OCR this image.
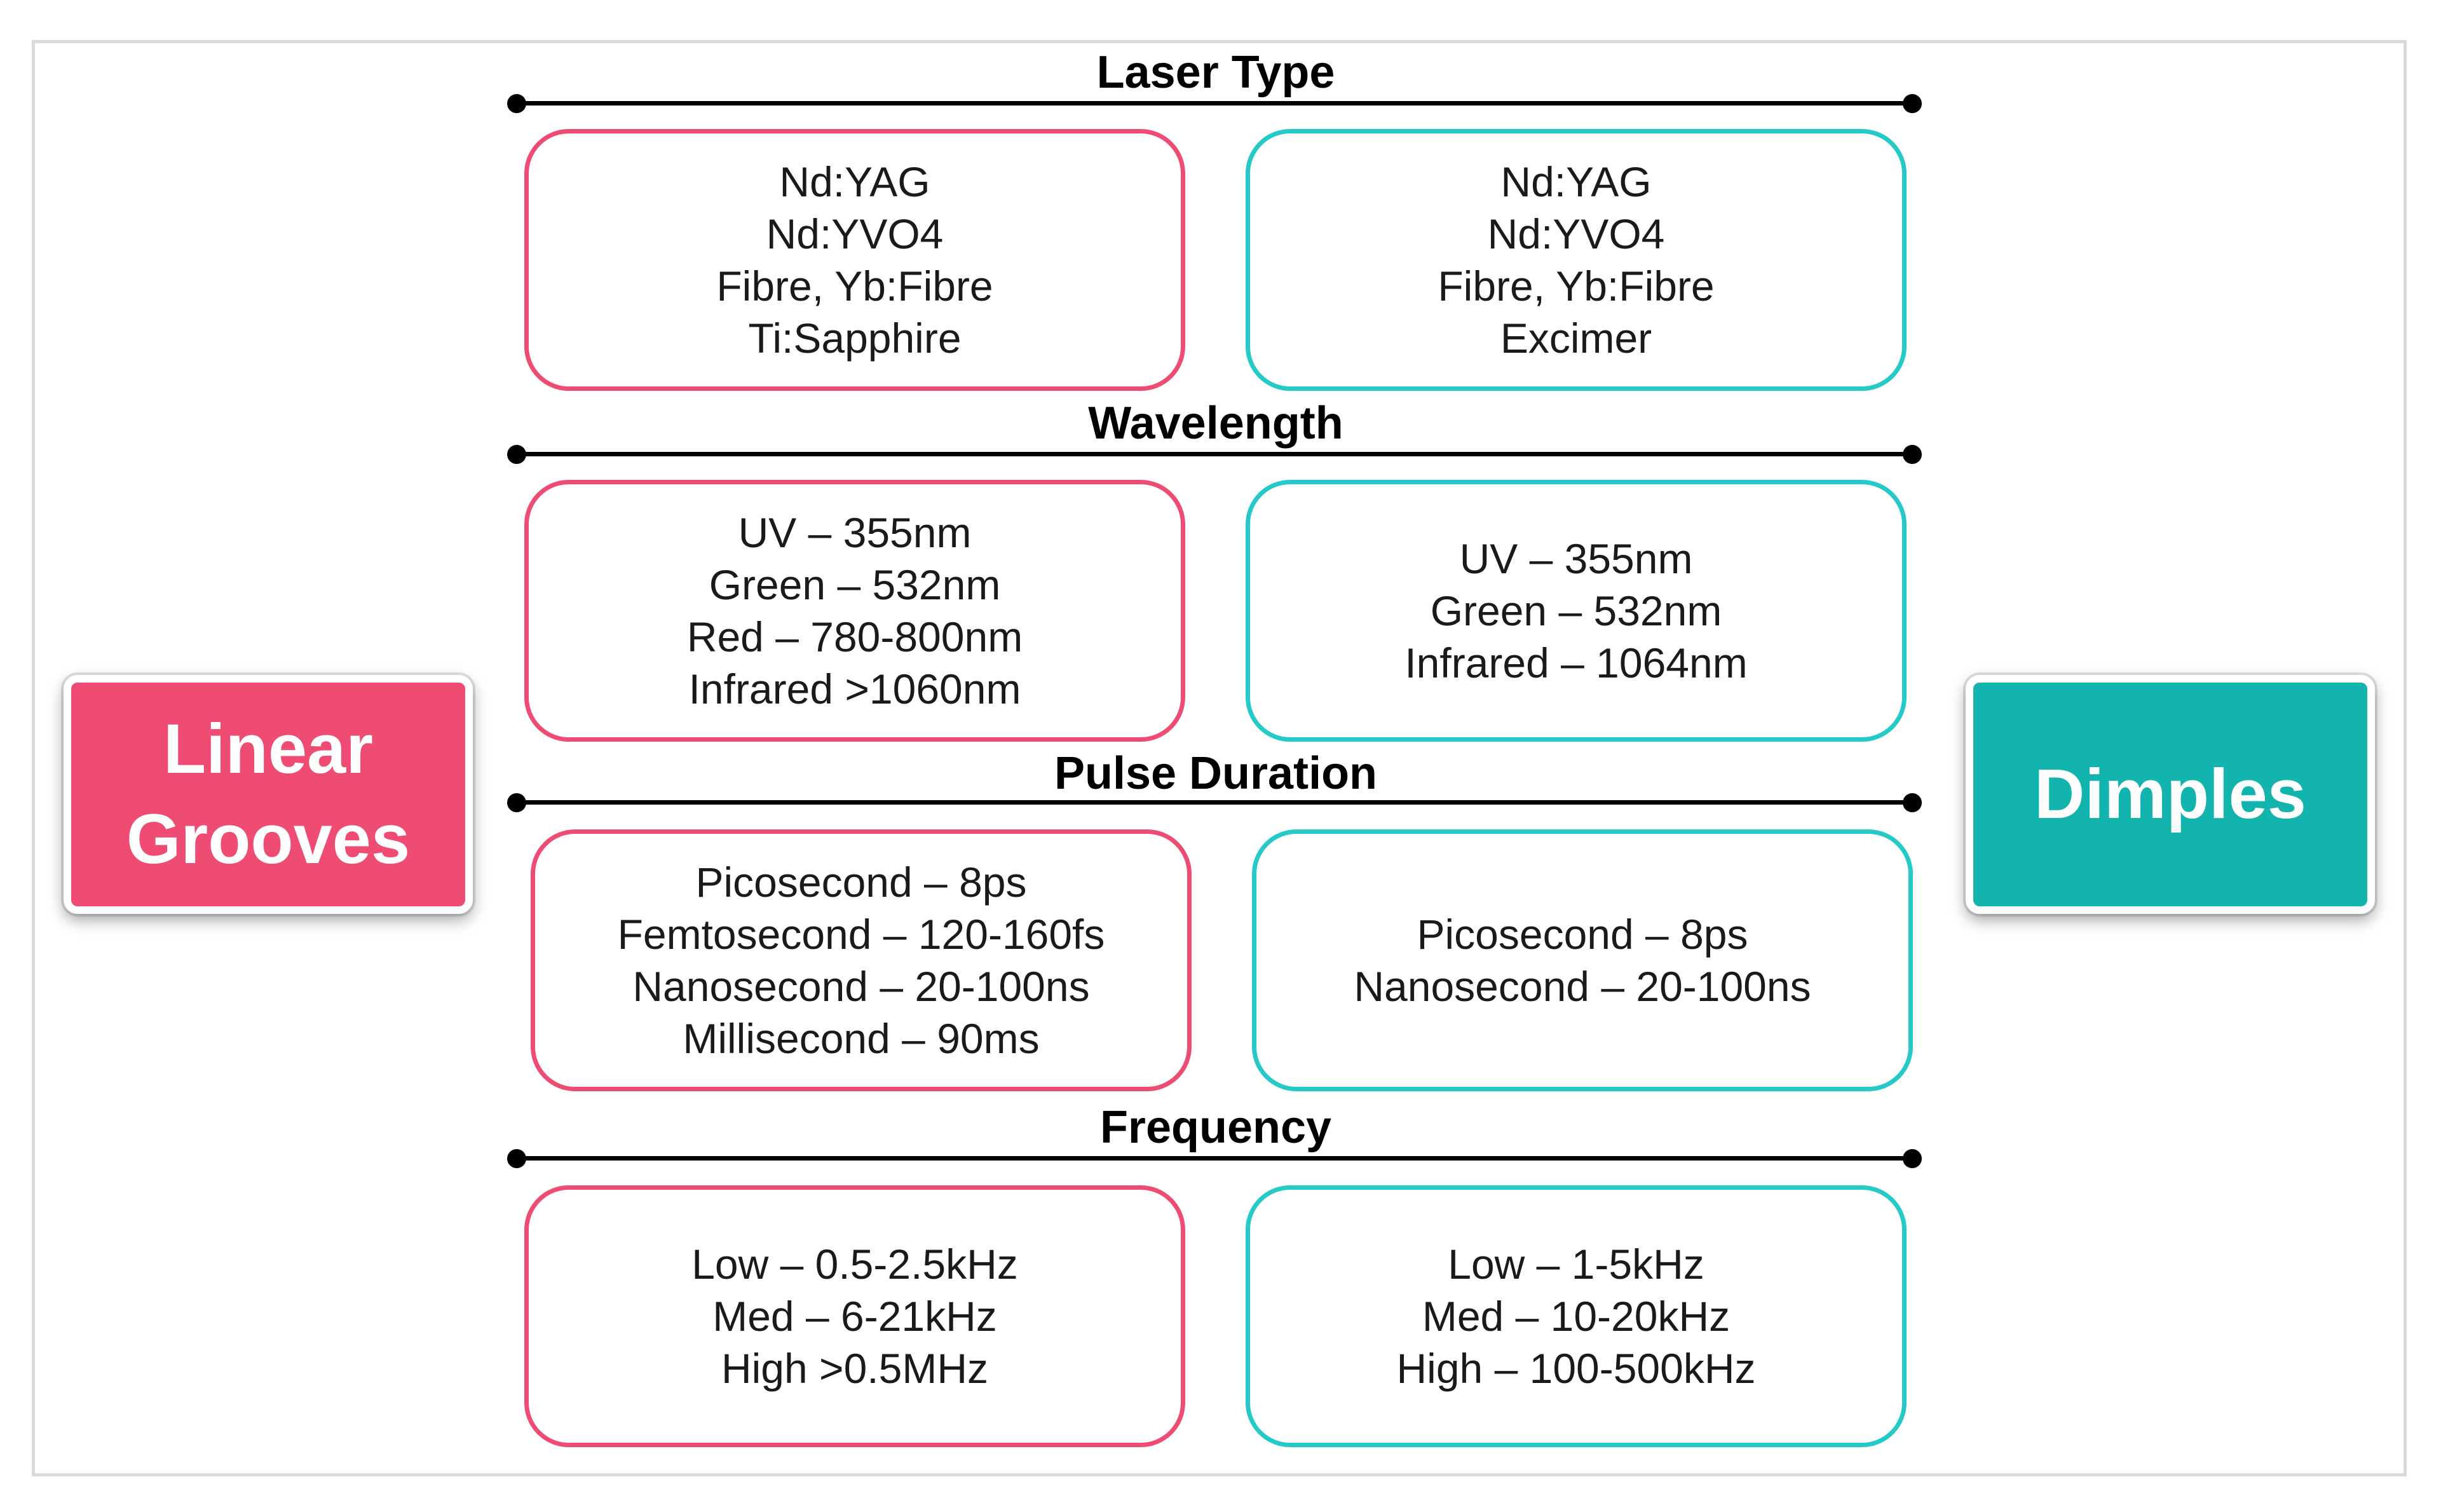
Laser Type
Nd:YAG
Nd:YVO4
Fibre, Yb:Fibre
Ti:Sapphire
Nd:YAG
Nd:YVO4
Fibre, Yb:Fibre
Excimer
Wavelength
UV – 355nm
Green – 532nm
Red – 780-800nm
Infrared >1060nm
UV – 355nm
Green – 532nm
Infrared – 1064nm
Pulse Duration
Picosecond – 8ps
Femtosecond – 120-160fs
Nanosecond – 20-100ns
Millisecond – 90ms
Picosecond – 8ps
Nanosecond – 20-100ns
Frequency
Low – 0.5-2.5kHz
Med – 6-21kHz
High >0.5MHz
Low – 1-5kHz
Med – 10-20kHz
High – 100-500kHz
Linear
Grooves
Dimples
